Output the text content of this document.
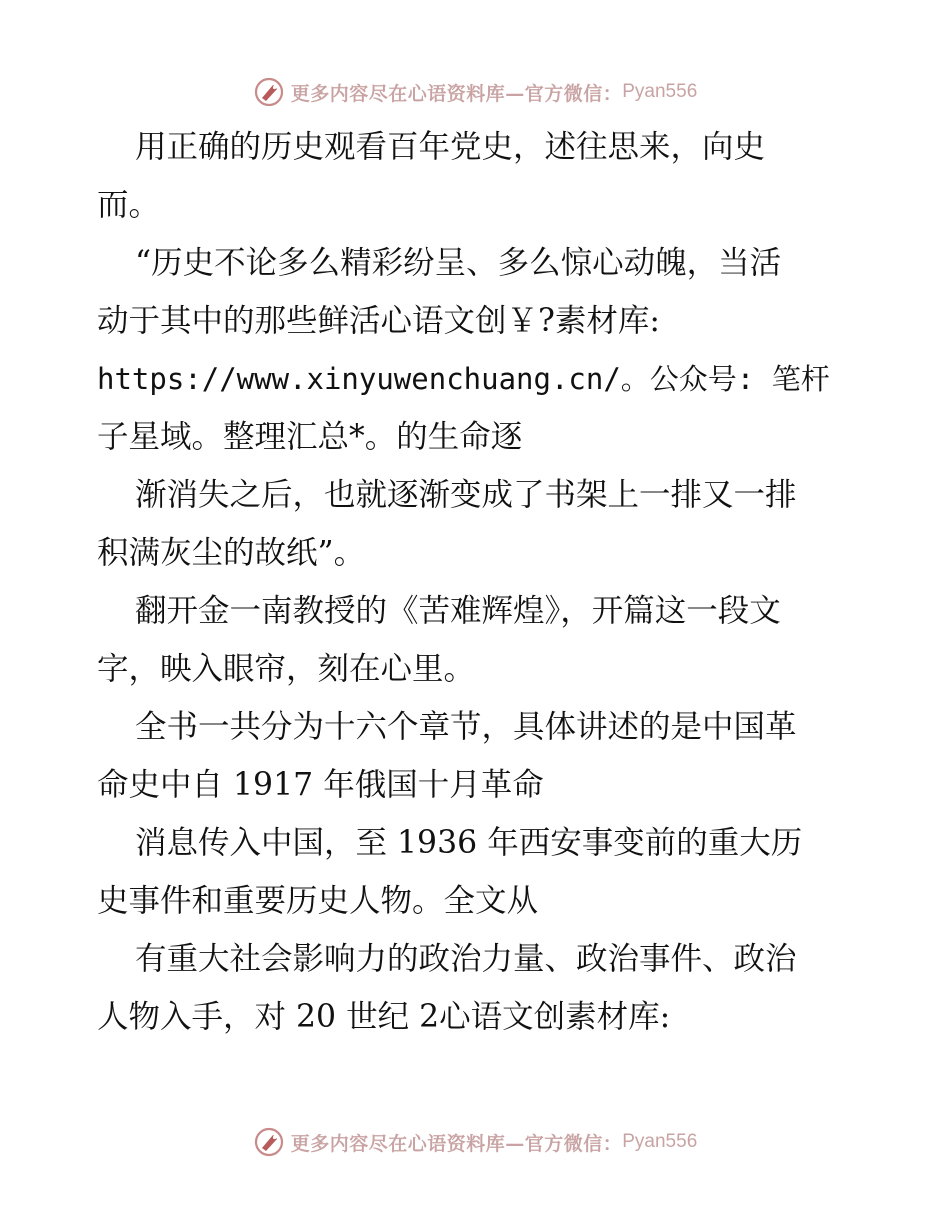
更多内容尽在心语资料库—官方微信： Pyan556
用正确的历史观看百年党史，述往思来，向史
而。
“历史不论多么精彩纷呈、多么惊心动魄，当活
动于其中的那些鲜活心语文创￥?素材库:
https://www.xinyuwenchuang.cn/。公众号: 笔杆
子星域。整理汇总*。的生命逐
渐消失之后，也就逐渐变成了书架上一排又一排
积满灰尘的故纸”。
翻开金一南教授的《苦难辉煌》，开篇这一段文
字，映入眼帘，刻在心里。
全书一共分为十六个章节，具体讲述的是中国革
命史中自 1917 年俄国十月革命
消息传入中国，至 1936 年西安事变前的重大历
史事件和重要历史人物。全文从
有重大社会影响力的政治力量、政治事件、政治
人物入手，对 20 世纪 2心语文创素材库:
更多内容尽在心语资料库—官方微信： Pyan556
